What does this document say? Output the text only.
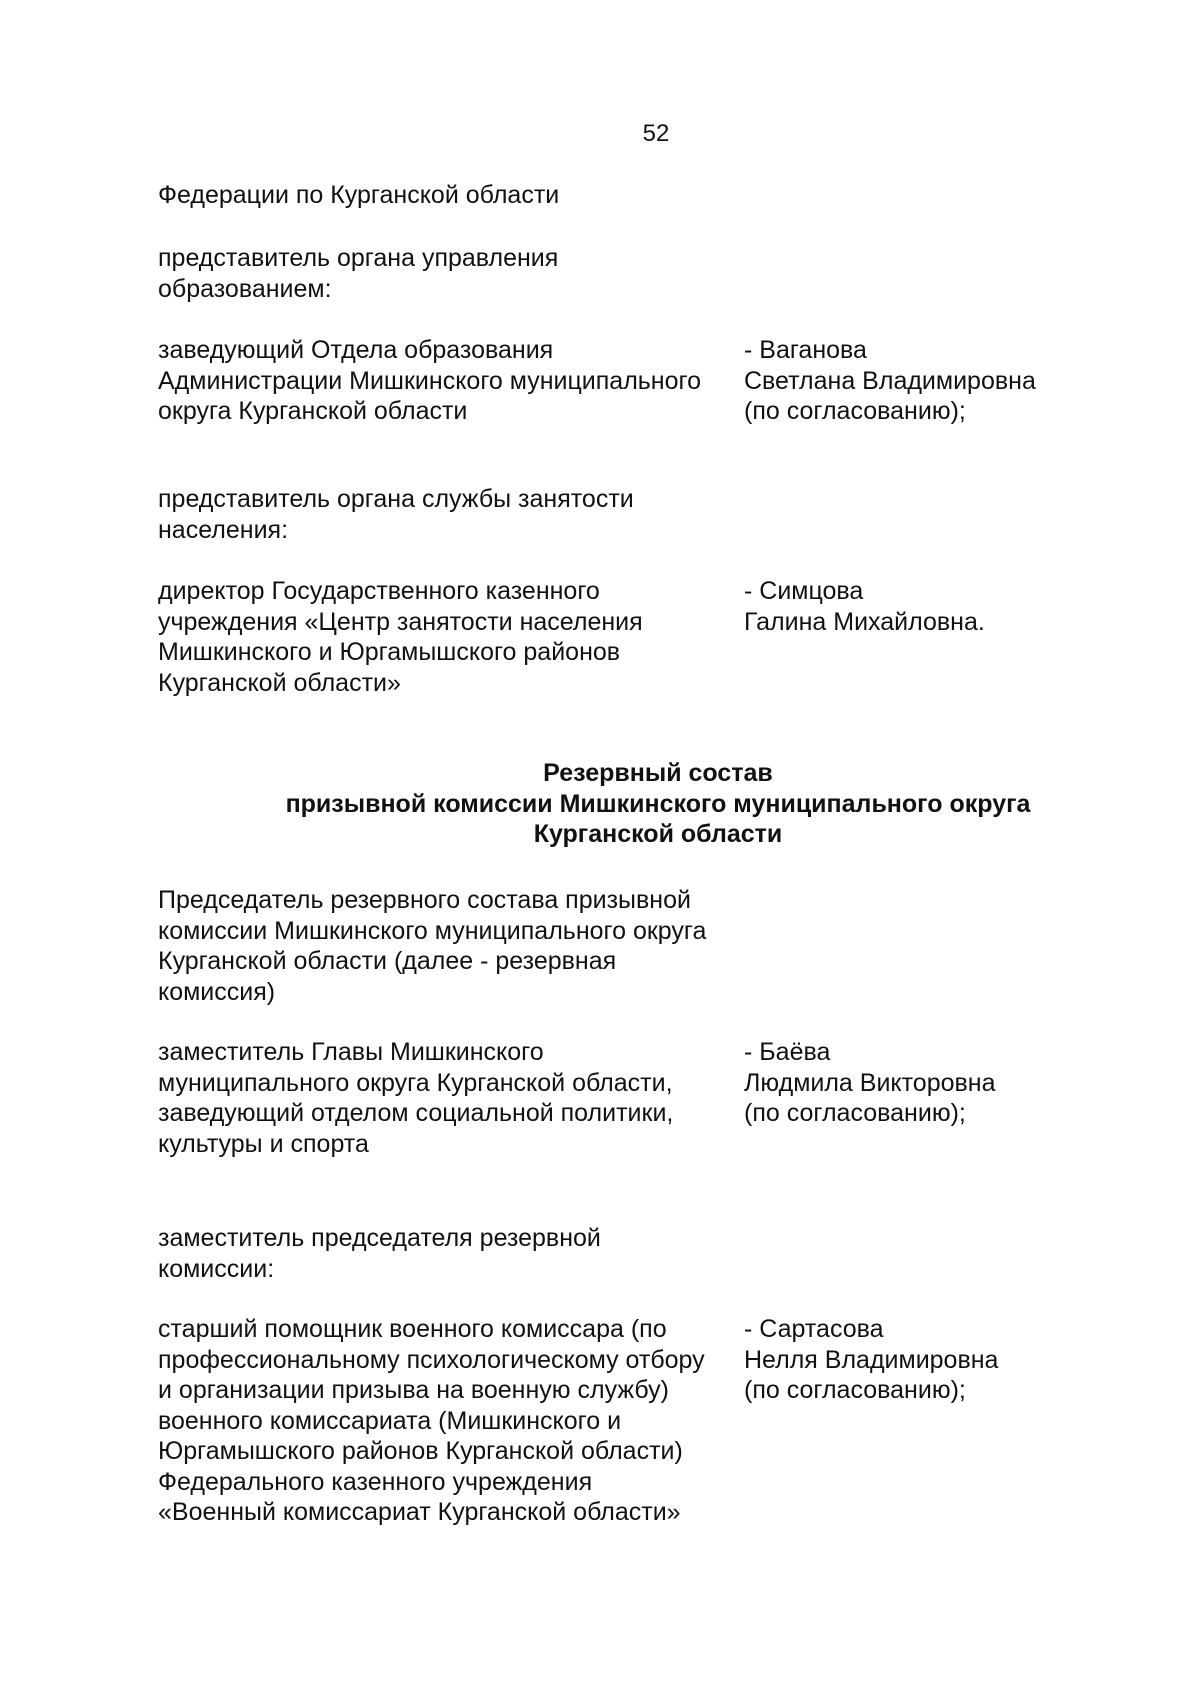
52

Федерации по Курганской области

представитель органа управления
образованием:

заведующий Отдела образования
Администрации Мишкинского муниципального
округа Курганской области

- Ваганова
Светлана Владимировна
(по согласованию);

представитель органа службы занятости
населения:

директор Государственного казенного
учреждения «Центр занятости населения
Мишкинского и Юргамышского районов
Курганской области»

- Симцова
Галина Михайловна.

Резервный состав
призывной комиссии Мишкинского муниципального округа
Курганской области

Председатель резервного состава призывной
комиссии Мишкинского муниципального округа
Курганской области (далее - резервная
комиссия)

заместитель Главы Мишкинского
муниципального округа Курганской области,
заведующий отделом социальной политики,
культуры и спорта

- Баёва
Людмила Викторовна
(по согласованию);

заместитель председателя резервной
комиссии:

старший помощник военного комиссара (по
профессиональному психологическому отбору
и организации призыва на военную службу)
военного комиссариата (Мишкинского и
Юргамышского районов Курганской области)
Федерального казенного учреждения
«Военный комиссариат Курганской области»

- Сартасова
Нелля Владимировна
(по согласованию);
